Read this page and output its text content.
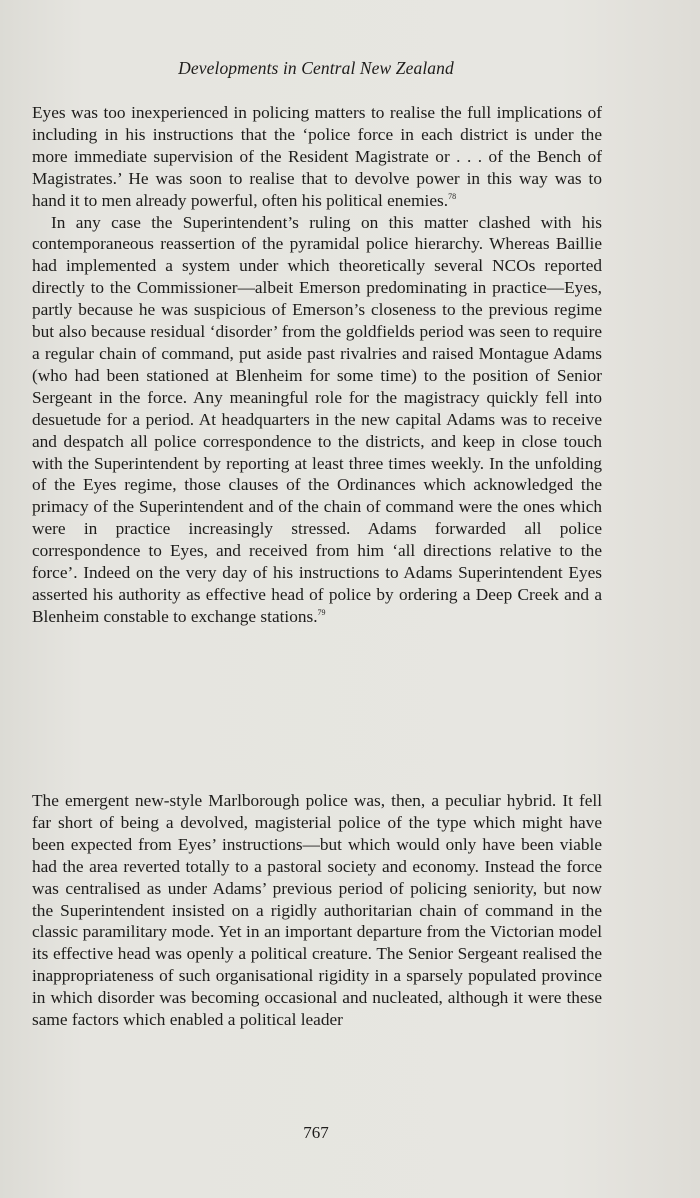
Developments in Central New Zealand

Eyes was too inexperienced in policing matters to realise the full implications of including in his instructions that the ‘police force in each district is under the more immediate supervision of the Resident Magistrate or . . . of the Bench of Magistrates.’ He was soon to realise that to devolve power in this way was to hand it to men already powerful, often his political enemies.$^{78}$

In any case the Superintendent’s ruling on this matter clashed with his contemporaneous reassertion of the pyramidal police hierarchy. Whereas Baillie had implemented a system under which theoretically several NCOs reported directly to the Commissioner—albeit Emerson predominating in practice—Eyes, partly because he was suspicious of Emerson’s closeness to the previous regime but also because residual ‘disorder’ from the goldfields period was seen to require a regular chain of command, put aside past rivalries and raised Montague Adams (who had been stationed at Blenheim for some time) to the position of Senior Sergeant in the force. Any meaningful role for the magistracy quickly fell into desuetude for a period. At headquarters in the new capital Adams was to receive and despatch all police correspondence to the districts, and keep in close touch with the Superintendent by reporting at least three times weekly. In the unfolding of the Eyes regime, those clauses of the Ordinances which acknowledged the primacy of the Superintendent and of the chain of command were the ones which were in practice increasingly stressed. Adams forwarded all police correspondence to Eyes, and received from him ‘all directions relative to the force’. Indeed on the very day of his instructions to Adams Superintendent Eyes asserted his authority as effective head of police by ordering a Deep Creek and a Blenheim constable to exchange stations.$^{79}$

The emergent new-style Marlborough police was, then, a peculiar hybrid. It fell far short of being a devolved, magisterial police of the type which might have been expected from Eyes’ instructions—but which would only have been viable had the area reverted totally to a pastoral society and economy. Instead the force was centralised as under Adams’ previous period of policing seniority, but now the Superintendent insisted on a rigidly authoritarian chain of command in the classic paramilitary mode. Yet in an important departure from the Victorian model its effective head was openly a political creature. The Senior Sergeant realised the inappropriateness of such organisational rigidity in a sparsely populated province in which disorder was becoming occasional and nucleated, although it were these same factors which enabled a political leader

767
